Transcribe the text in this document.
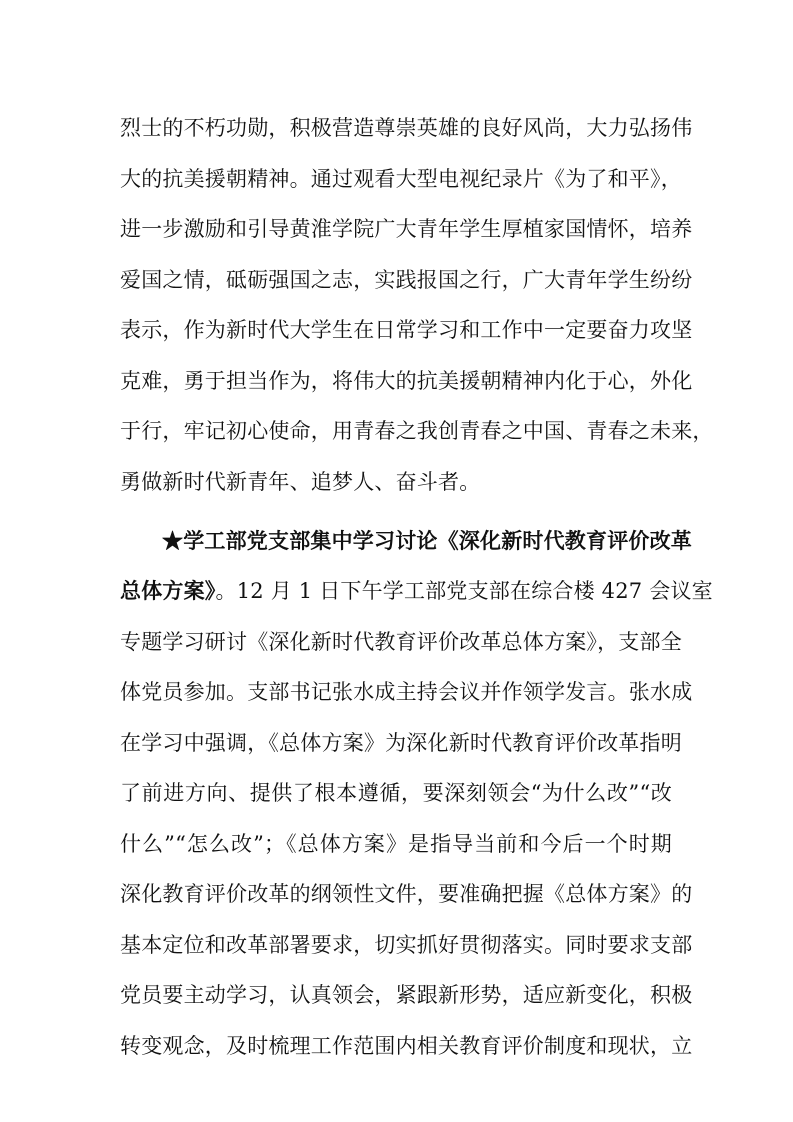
烈士的不朽功勋，积极营造尊崇英雄的良好风尚，大力弘扬伟
大的抗美援朝精神。通过观看大型电视纪录片《为了和平》，
进一步激励和引导黄淮学院广大青年学生厚植家国情怀，培养
爱国之情，砥砺强国之志，实践报国之行，广大青年学生纷纷
表示，作为新时代大学生在日常学习和工作中一定要奋力攻坚
克难，勇于担当作为，将伟大的抗美援朝精神内化于心，外化
于行，牢记初心使命，用青春之我创青春之中国、青春之未来，
勇做新时代新青年、追梦人、奋斗者。
★学工部党支部集中学习讨论《深化新时代教育评价改革
总体方案》。12 月 1 日下午学工部党支部在综合楼 427 会议室
专题学习研讨《深化新时代教育评价改革总体方案》，支部全
体党员参加。支部书记张水成主持会议并作领学发言。张水成
在学习中强调，《总体方案》为深化新时代教育评价改革指明
了前进方向、提供了根本遵循，要深刻领会“为什么改”“改
什么”“怎么改”；《总体方案》是指导当前和今后一个时期
深化教育评价改革的纲领性文件，要准确把握《总体方案》的
基本定位和改革部署要求，切实抓好贯彻落实。同时要求支部
党员要主动学习，认真领会，紧跟新形势，适应新变化，积极
转变观念，及时梳理工作范围内相关教育评价制度和现状，立
